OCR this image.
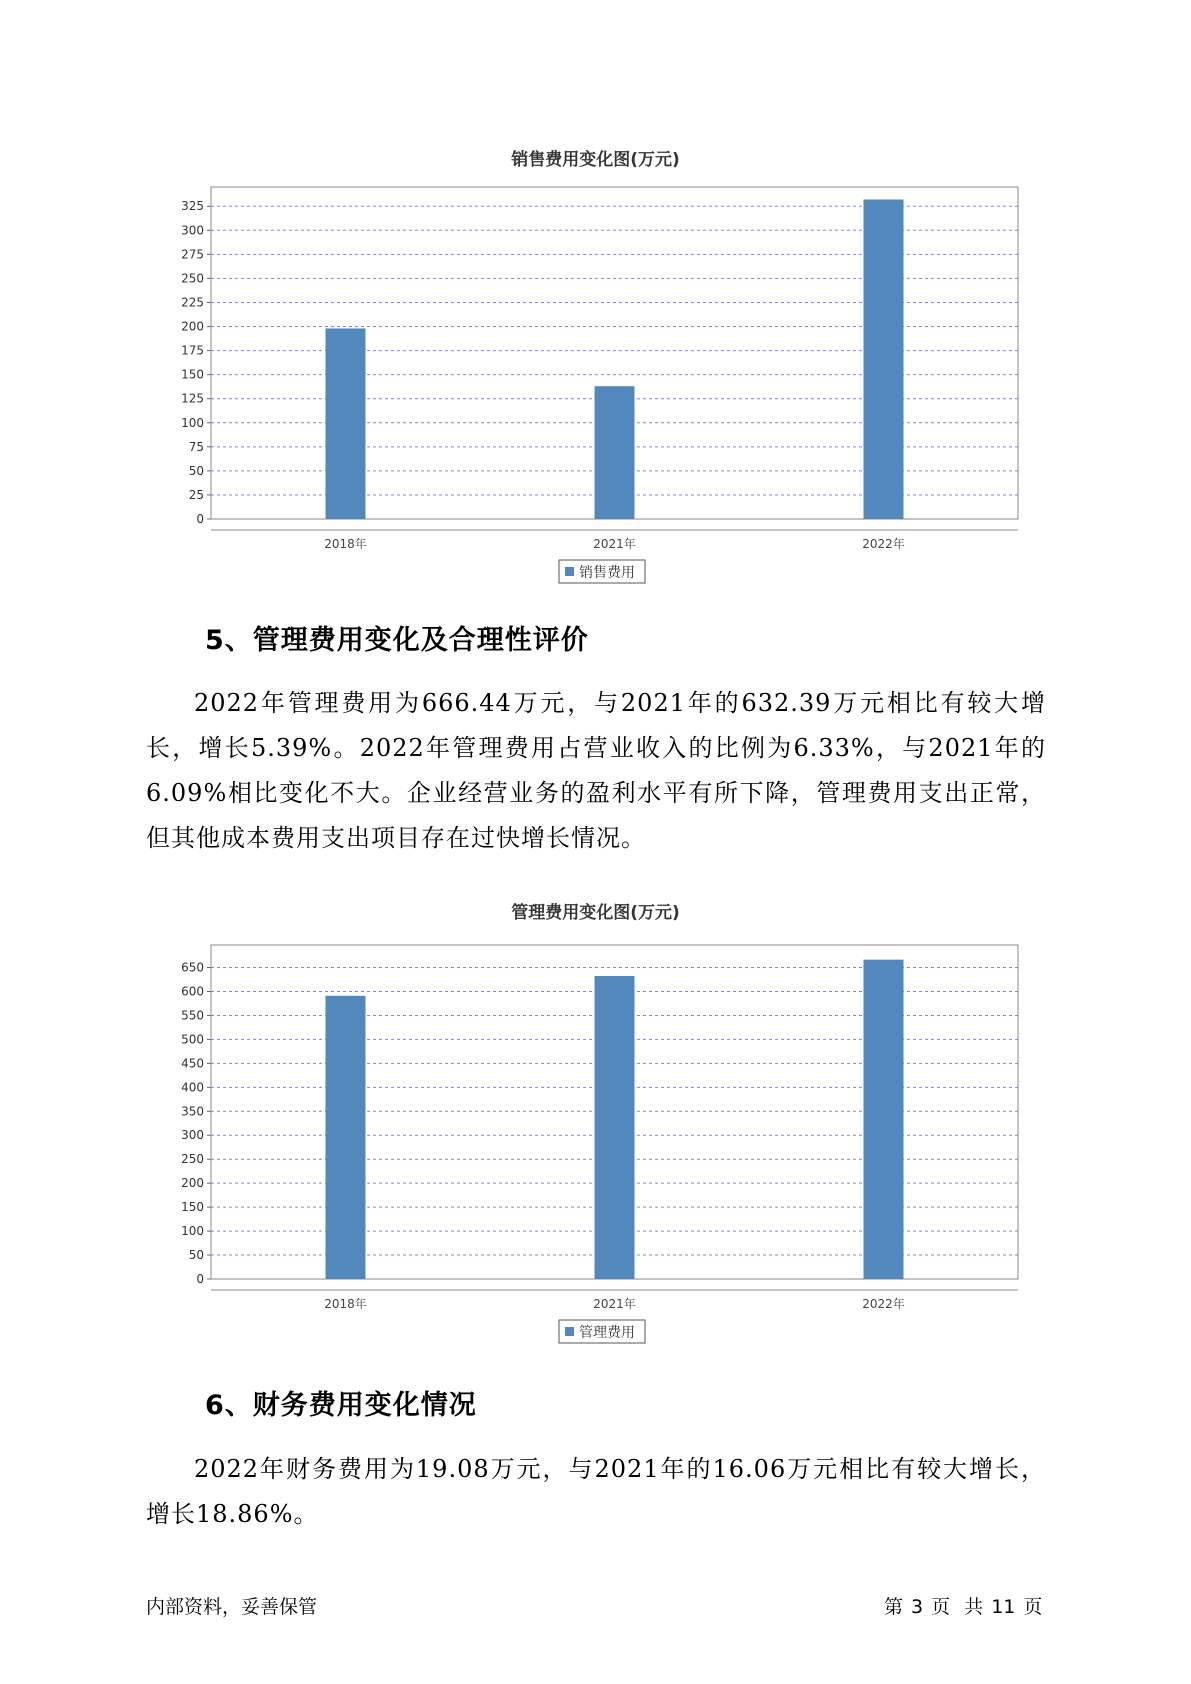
销售费用变化图(万元)
0
25
50
75
100
125
150
175
200
225
250
275
300
325
2018年	2021年	2022年
销售费用
5、管理费用变化及合理性评价
2022年管理费用为666.44万元，与2021年的632.39万元相比有较大增长，增长5.39%。2022年管理费用占营业收入的比例为6.33%，与2021年的6.09%相比变化不大。企业经营业务的盈利水平有所下降，管理费用支出正常，但其他成本费用支出项目存在过快增长情况。
管理费用变化图(万元)
0
50
100
150
200
250
300
350
400
450
500
550
600
650
2018年	2021年	2022年
管理费用
6、财务费用变化情况
2022年财务费用为19.08万元，与2021年的16.06万元相比有较大增长，增长18.86%。
内部资料，妥善保管	第 3 页 共 11 页
